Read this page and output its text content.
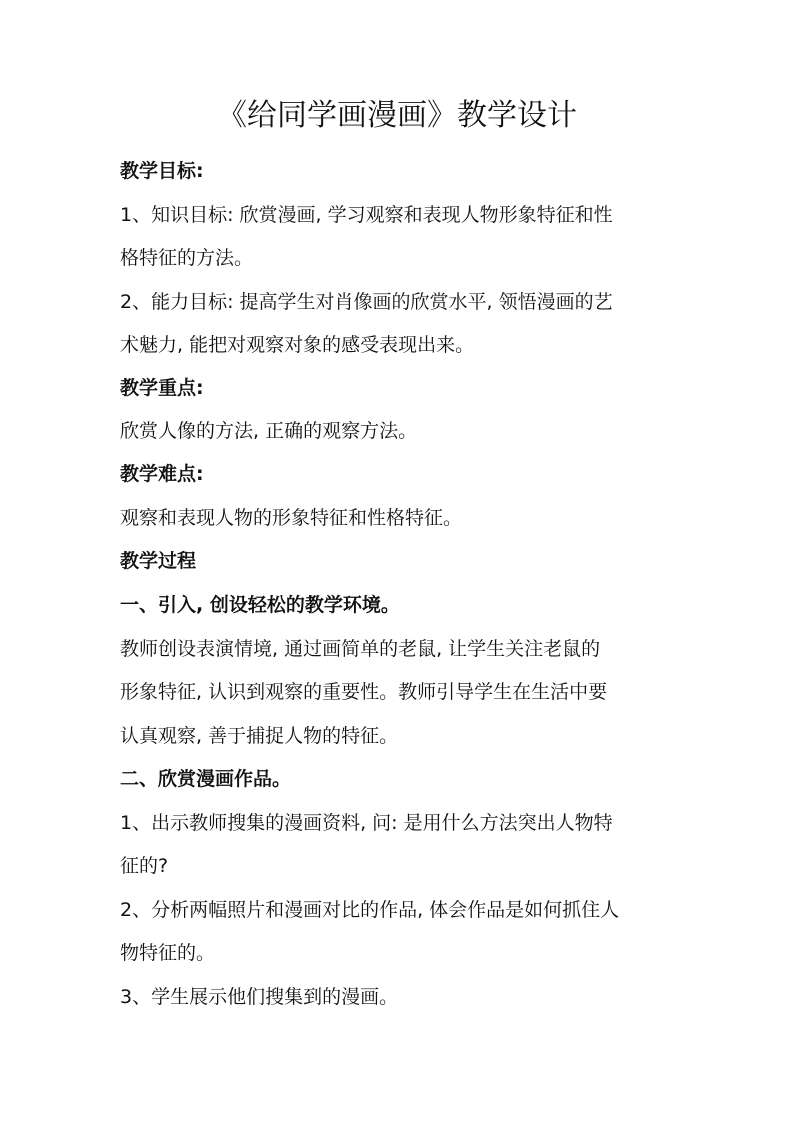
《给同学画漫画》教学设计

教学目标:

1、知识目标: 欣赏漫画, 学习观察和表现人物形象特征和性

格特征的方法。

2、能力目标: 提高学生对肖像画的欣赏水平, 领悟漫画的艺

术魅力, 能把对观察对象的感受表现出来。

教学重点:

欣赏人像的方法, 正确的观察方法。

教学难点:

观察和表现人物的形象特征和性格特征。

教学过程

一、引入, 创设轻松的教学环境。

教师创设表演情境, 通过画简单的老鼠, 让学生关注老鼠的

形象特征, 认识到观察的重要性。教师引导学生在生活中要

认真观察, 善于捕捉人物的特征。

二、欣赏漫画作品。

1、出示教师搜集的漫画资料, 问: 是用什么方法突出人物特

征的?

2、分析两幅照片和漫画对比的作品, 体会作品是如何抓住人

物特征的。

3、学生展示他们搜集到的漫画。
